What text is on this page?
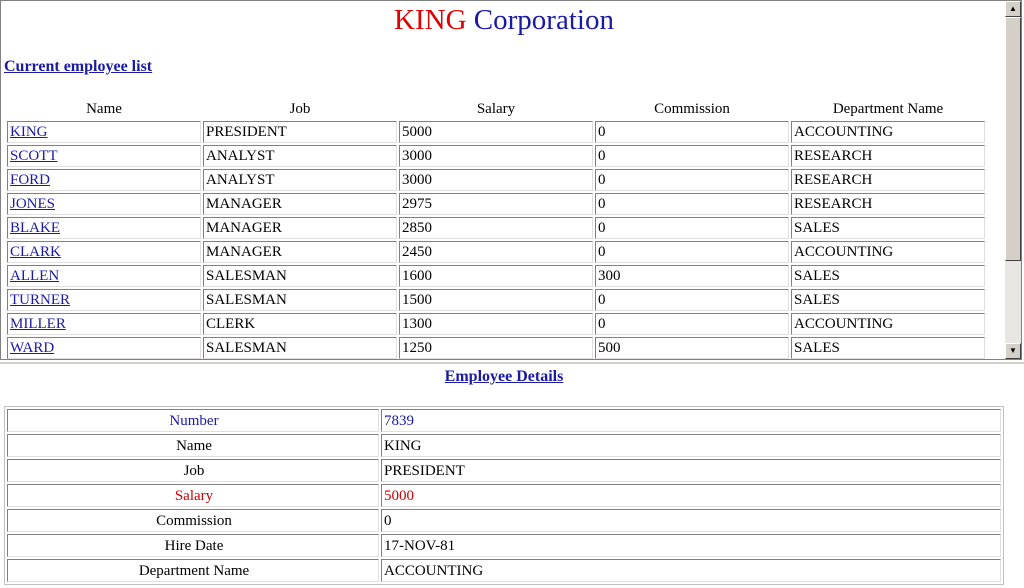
KING Corporation
Current employee list
Name	Job	Salary	Commission	Department Name
KING	PRESIDENT	5000	0	ACCOUNTING
SCOTT	ANALYST	3000	0	RESEARCH
FORD	ANALYST	3000	0	RESEARCH
JONES	MANAGER	2975	0	RESEARCH
BLAKE	MANAGER	2850	0	SALES
CLARK	MANAGER	2450	0	ACCOUNTING
ALLEN	SALESMAN	1600	300	SALES
TURNER	SALESMAN	1500	0	SALES
MILLER	CLERK	1300	0	ACCOUNTING
WARD	SALESMAN	1250	500	SALES
▲
▼
Employee Details
Number	7839
Name	KING
Job	PRESIDENT
Salary	5000
Commission	0
Hire Date	17-NOV-81
Department Name	ACCOUNTING
